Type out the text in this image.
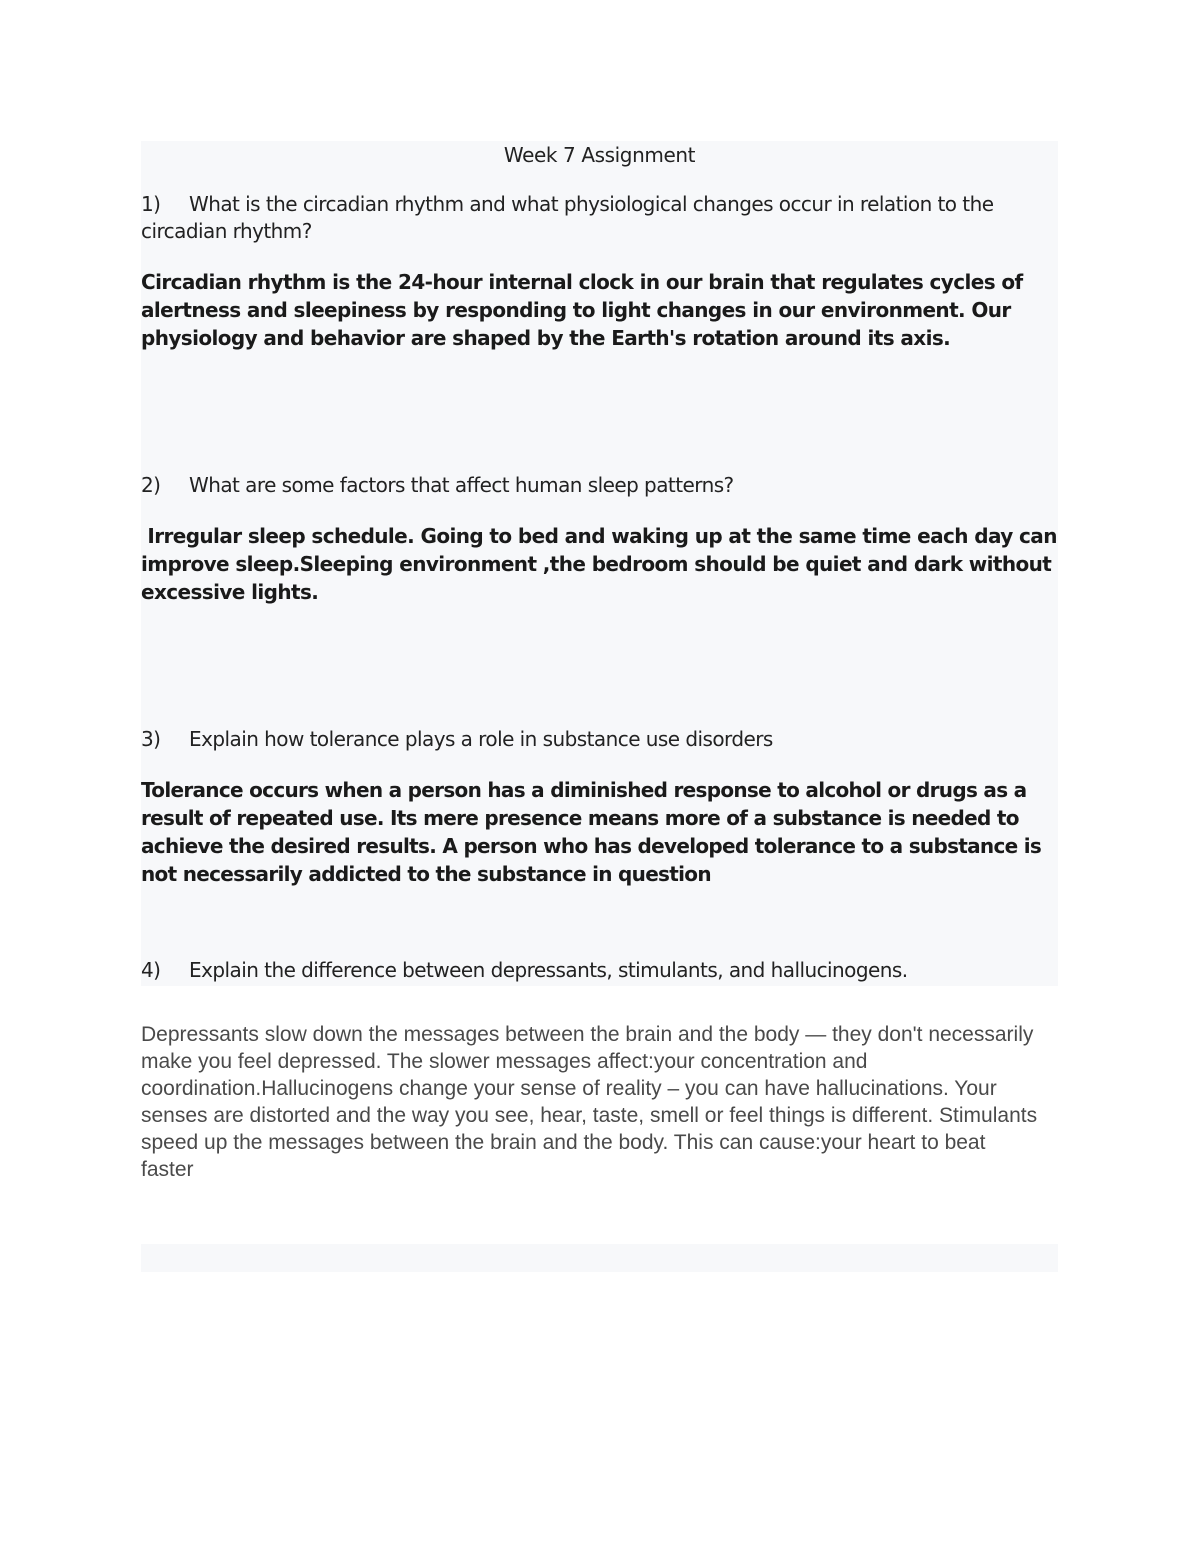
Week 7 Assignment
1) What is the circadian rhythm and what physiological changes occur in relation to the circadian rhythm?
Circadian rhythm is the 24-hour internal clock in our brain that regulates cycles of alertness and sleepiness by responding to light changes in our environment. Our physiology and behavior are shaped by the Earth's rotation around its axis.
2) What are some factors that affect human sleep patterns?
Irregular sleep schedule. Going to bed and waking up at the same time each day can improve sleep.Sleeping environment ,the bedroom should be quiet and dark without excessive lights.
3) Explain how tolerance plays a role in substance use disorders
Tolerance occurs when a person has a diminished response to alcohol or drugs as a result of repeated use. Its mere presence means more of a substance is needed to achieve the desired results. A person who has developed tolerance to a substance is not necessarily addicted to the substance in question
4) Explain the difference between depressants, stimulants, and hallucinogens.
Depressants slow down the messages between the brain and the body — they don't necessarily make you feel depressed. The slower messages affect:your concentration and coordination.Hallucinogens change your sense of reality – you can have hallucinations. Your senses are distorted and the way you see, hear, taste, smell or feel things is different. Stimulants speed up the messages between the brain and the body. This can cause:your heart to beat faster
